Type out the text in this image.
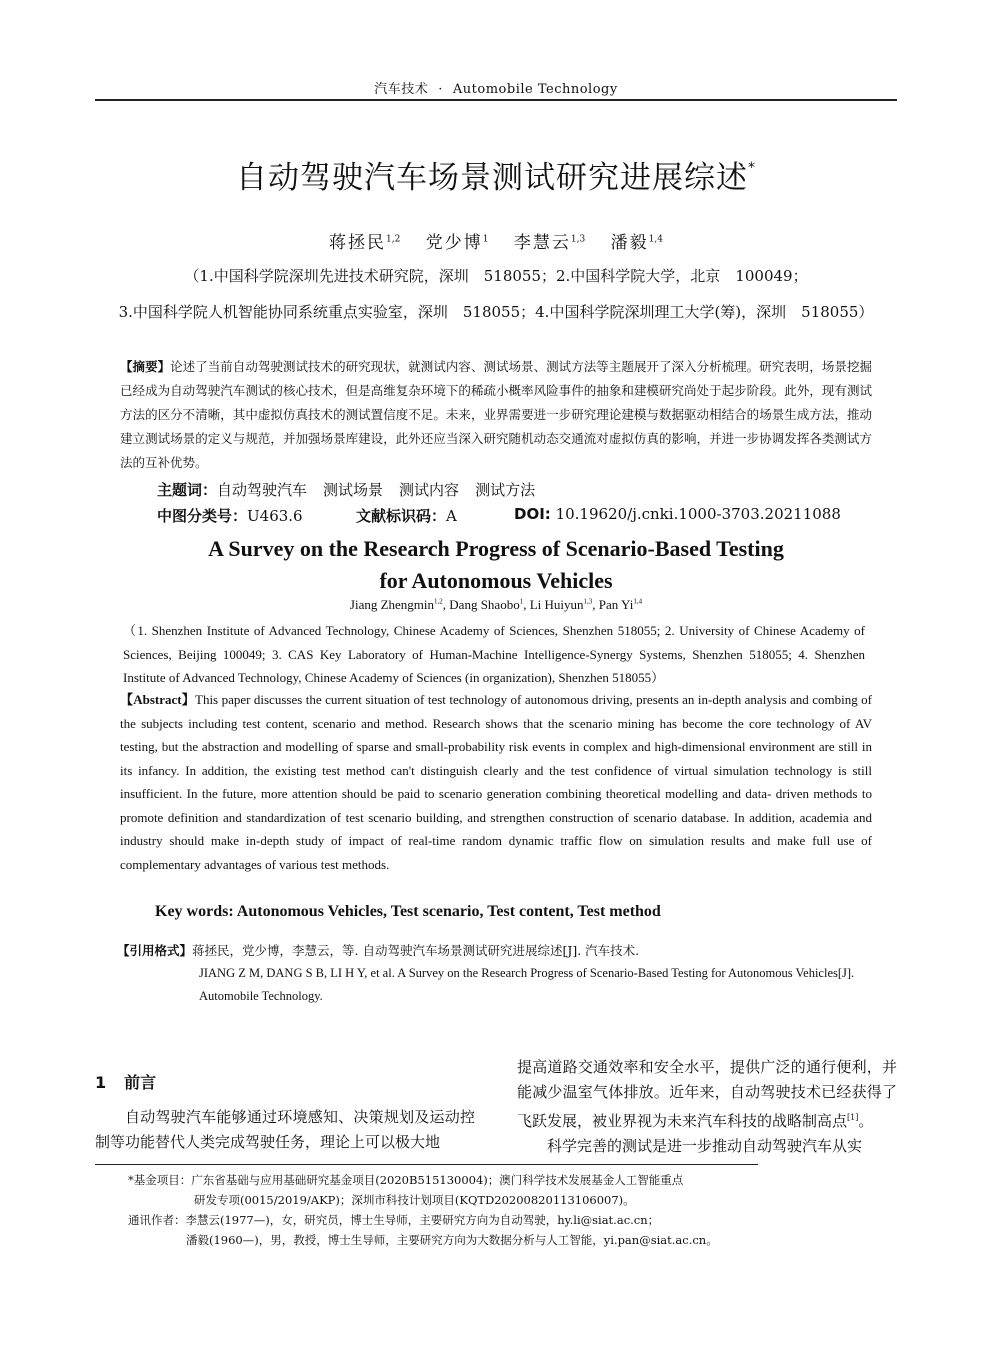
汽车技术 · Automobile Technology
自动驾驶汽车场景测试研究进展综述*
蒋拯民$^{1,2}$ 党少博$^1$ 李慧云$^{1,3}$ 潘毅$^{1,4}$
（1.中国科学院深圳先进技术研究院，深圳　518055；2.中国科学院大学，北京　100049；
3.中国科学院人机智能协同系统重点实验室，深圳　518055；4.中国科学院深圳理工大学(筹)，深圳　518055）
【摘要】论述了当前自动驾驶测试技术的研究现状，就测试内容、测试场景、测试方法等主题展开了深入分析梳理。研究表明，场景挖掘已经成为自动驾驶汽车测试的核心技术，但是高维复杂环境下的稀疏小概率风险事件的抽象和建模研究尚处于起步阶段。此外，现有测试方法的区分不清晰，其中虚拟仿真技术的测试置信度不足。未来，业界需要进一步研究理论建模与数据驱动相结合的场景生成方法，推动建立测试场景的定义与规范，并加强场景库建设，此外还应当深入研究随机动态交通流对虚拟仿真的影响，并进一步协调发挥各类测试方法的互补优势。
主题词：自动驾驶汽车 测试场景 测试内容 测试方法
中图分类号：U463.6	文献标识码：A	DOI: 10.19620/j.cnki.1000-3703.20211088
A Survey on the Research Progress of Scenario-Based Testing
for Autonomous Vehicles
Jiang Zhengmin$^{1,2}$, Dang Shaobo$^1$, Li Huiyun$^{1,3}$, Pan Yi$^{1,4}$
（1. Shenzhen Institute of Advanced Technology, Chinese Academy of Sciences, Shenzhen 518055; 2. University of Chinese Academy of Sciences, Beijing 100049; 3. CAS Key Laboratory of Human-Machine Intelligence-Synergy Systems, Shenzhen 518055; 4. Shenzhen Institute of Advanced Technology, Chinese Academy of Sciences (in organization), Shenzhen 518055）
【Abstract】This paper discusses the current situation of test technology of autonomous driving, presents an in-depth analysis and combing of the subjects including test content, scenario and method. Research shows that the scenario mining has become the core technology of AV testing, but the abstraction and modelling of sparse and small-probability risk events in complex and high-dimensional environment are still in its infancy. In addition, the existing test method can't distinguish clearly and the test confidence of virtual simulation technology is still insufficient. In the future, more attention should be paid to scenario generation combining theoretical modelling and data- driven methods to promote definition and standardization of test scenario building, and strengthen construction of scenario database. In addition, academia and industry should make in-depth study of impact of real-time random dynamic traffic flow on simulation results and make full use of complementary advantages of various test methods.
Key words: Autonomous Vehicles, Test scenario, Test content, Test method
【引用格式】蒋拯民，党少博，李慧云，等. 自动驾驶汽车场景测试研究进展综述[J]. 汽车技术.
JIANG Z M, DANG S B, LI H Y, et al. A Survey on the Research Progress of Scenario-Based Testing for Autonomous Vehicles[J]. Automobile Technology.
1 前言

自动驾驶汽车能够通过环境感知、决策规划及运动控制等功能替代人类完成驾驶任务，理论上可以极大地

提高道路交通效率和安全水平，提供广泛的通行便利，并能减少温室气体排放。近年来，自动驾驶技术已经获得了飞跃发展，被业界视为未来汽车科技的战略制高点[1]。

科学完善的测试是进一步推动自动驾驶汽车从实

*基金项目：广东省基础与应用基础研究基金项目(2020B515130004)；澳门科学技术发展基金人工智能重点
研发专项(0015/2019/AKP)；深圳市科技计划项目(KQTD20200820113106007)。
通讯作者：李慧云(1977—)，女，研究员，博士生导师，主要研究方向为自动驾驶，hy.li@siat.ac.cn；
潘毅(1960—)，男，教授，博士生导师，主要研究方向为大数据分析与人工智能，yi.pan@siat.ac.cn。
